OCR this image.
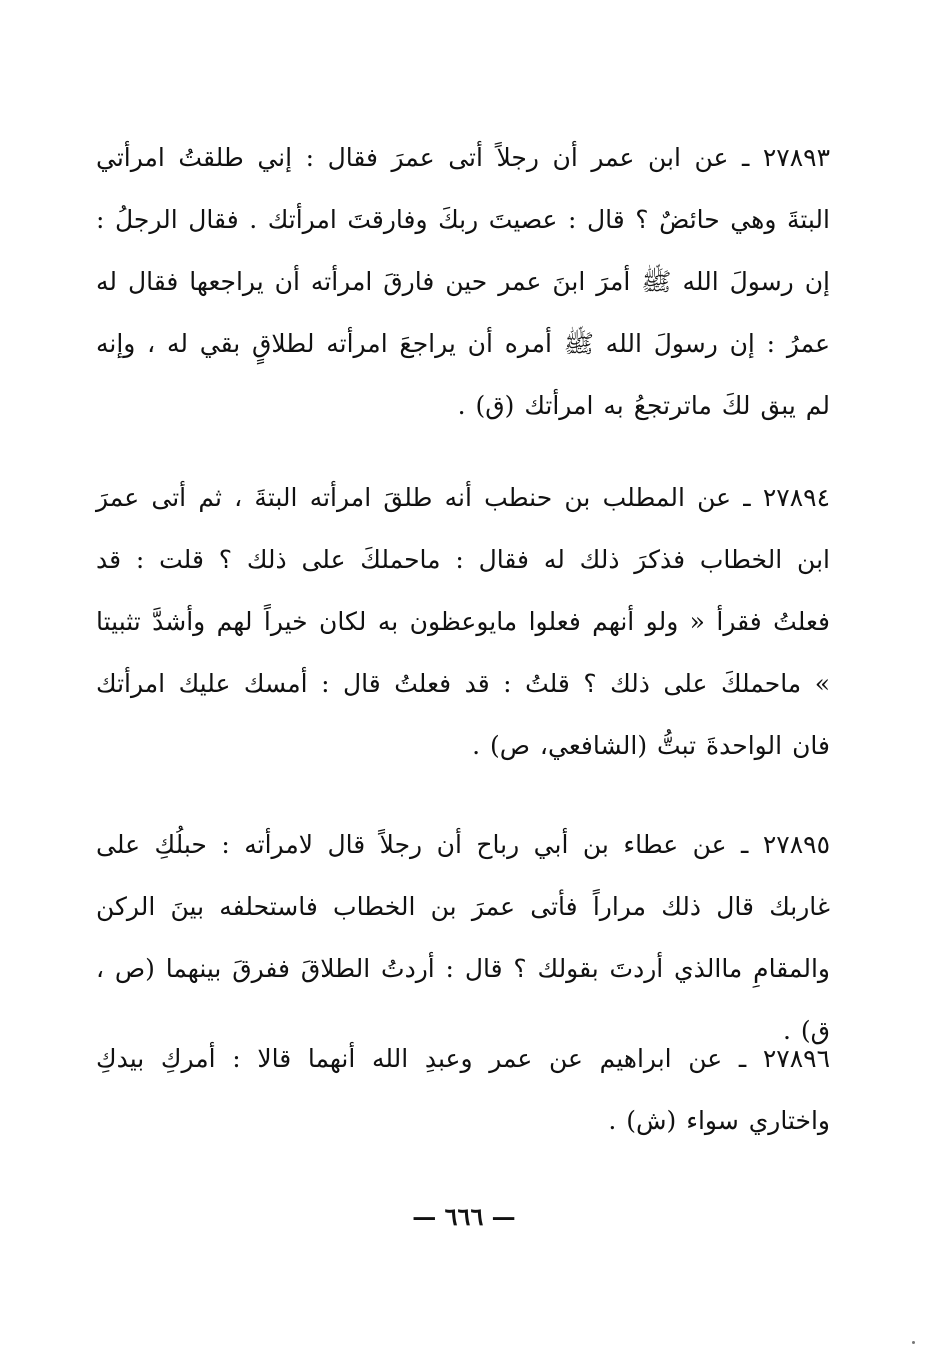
٢٧٨٩٣ ـ عن ابن عمر أن رجلاً أتى عمرَ فقال : إني طلقتُ امرأتي البتةَ وهي حائضٌ ؟ قال : عصيتَ ربكَ وفارقتَ امرأتك . فقال الرجلُ : إن رسولَ الله ﷺ أمرَ ابنَ عمر حين فارقَ امرأته أن يراجعها فقال له عمرُ : إن رسولَ الله ﷺ أمره أن يراجعَ امرأته لطلاقٍ بقي له ، وإنه لم يبق لكَ ماترتجعُ به امرأتك (ق) .

٢٧٨٩٤ ـ عن المطلب بن حنطب أنه طلقَ امرأته البتةَ ، ثم أتى عمرَ ابن الخطاب فذكرَ ذلك له فقال : ماحملكَ على ذلك ؟ قلت : قد فعلتُ فقرأ « ولو أنهم فعلوا مايوعظون به لكان خيراً لهم وأشدَّ تثبيتا » ماحملكَ على ذلك ؟ قلتُ : قد فعلتُ قال : أمسك عليك امرأتك فان الواحدةَ تبتُّ (الشافعي، ص) .

٢٧٨٩٥ ـ عن عطاء بن أبي رباح أن رجلاً قال لامرأته : حبلُكِ على غاربك قال ذلك مراراً فأتى عمرَ بن الخطاب فاستحلفه بينَ الركن والمقامِ ماالذي أردتَ بقولك ؟ قال : أردتُ الطلاقَ ففرقَ بينهما (ص ، ق) .

٢٧٨٩٦ ـ عن ابراهيم عن عمر وعبدِ الله أنهما قالا : أمركِ بيدكِ واختاري سواء (ش) .

— ٦٦٦ —
